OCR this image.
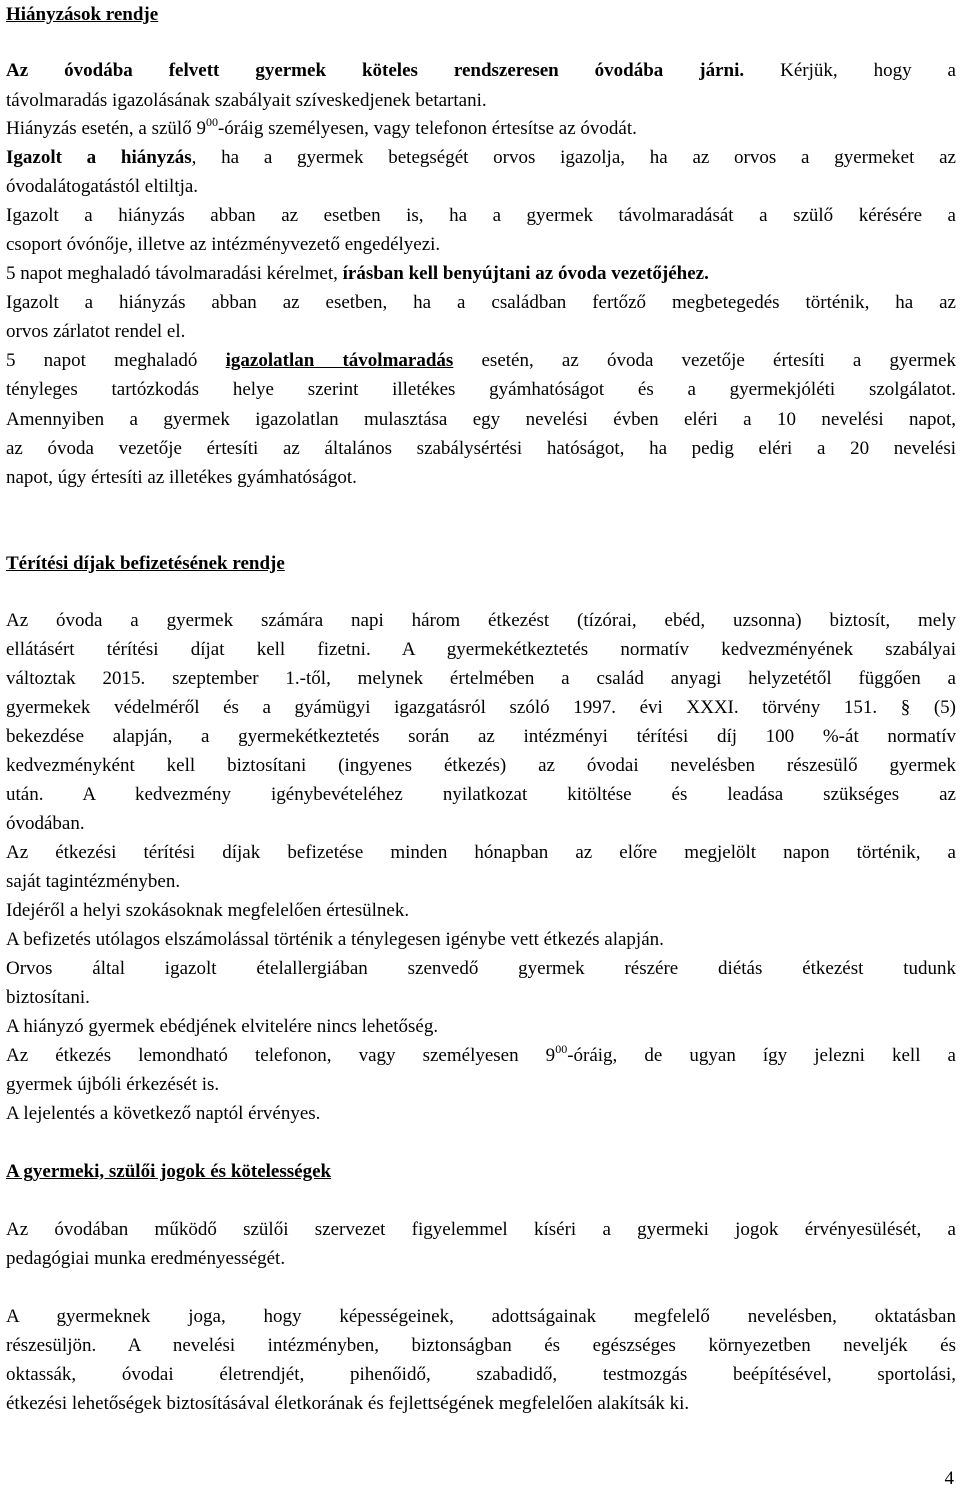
Hiányzások rendje
Az óvodába felvett gyermek köteles rendszeresen óvodába járni. Kérjük, hogy a
távolmaradás igazolásának szabályait szíveskedjenek betartani.
Hiányzás esetén, a szülő $9^{00}$-óráig személyesen, vagy telefonon értesítse az óvodát.
Igazolt a hiányzás, ha a gyermek betegségét orvos igazolja, ha az orvos a gyermeket az
óvodalátogatástól eltiltja.
Igazolt a hiányzás abban az esetben is, ha a gyermek távolmaradását a szülő kérésére a
csoport óvónője, illetve az intézményvezető engedélyezi.
5 napot meghaladó távolmaradási kérelmet, írásban kell benyújtani az óvoda vezetőjéhez.
Igazolt a hiányzás abban az esetben, ha a családban fertőző megbetegedés történik, ha az
orvos zárlatot rendel el.
5 napot meghaladó igazolatlan távolmaradás esetén, az óvoda vezetője értesíti a gyermek
tényleges tartózkodás helye szerint illetékes gyámhatóságot és a gyermekjóléti szolgálatot.
Amennyiben a gyermek igazolatlan mulasztása egy nevelési évben eléri a 10 nevelési napot,
az óvoda vezetője értesíti az általános szabálysértési hatóságot, ha pedig eléri a 20 nevelési
napot, úgy értesíti az illetékes gyámhatóságot.
Térítési díjak befizetésének rendje
Az óvoda a gyermek számára napi három étkezést (tízórai, ebéd, uzsonna) biztosít, mely
ellátásért térítési díjat kell fizetni. A gyermekétkeztetés normatív kedvezményének szabályai
változtak 2015. szeptember 1.-től, melynek értelmében a család anyagi helyzetétől függően a
gyermekek védelméről és a gyámügyi igazgatásról szóló 1997. évi XXXI. törvény 151. § (5)
bekezdése alapján, a gyermekétkeztetés során az intézményi térítési díj 100 %-át normatív
kedvezményként kell biztosítani (ingyenes étkezés) az óvodai nevelésben részesülő gyermek
után. A kedvezmény igénybevételéhez nyilatkozat kitöltése és leadása szükséges az
óvodában.
Az étkezési térítési díjak befizetése minden hónapban az előre megjelölt napon történik, a
saját tagintézményben.
Idejéről a helyi szokásoknak megfelelően értesülnek.
A befizetés utólagos elszámolással történik a ténylegesen igénybe vett étkezés alapján.
Orvos által igazolt ételallergiában szenvedő gyermek részére diétás étkezést tudunk
biztosítani.
A hiányzó gyermek ebédjének elvitelére nincs lehetőség.
Az étkezés lemondható telefonon, vagy személyesen $9^{00}$-óráig, de ugyan így jelezni kell a
gyermek újbóli érkezését is.
A lejelentés a következő naptól érvényes.
A gyermeki, szülői jogok és kötelességek
Az óvodában működő szülői szervezet figyelemmel kíséri a gyermeki jogok érvényesülését, a
pedagógiai munka eredményességét.
A gyermeknek joga, hogy képességeinek, adottságainak megfelelő nevelésben, oktatásban
részesüljön. A nevelési intézményben, biztonságban és egészséges környezetben neveljék és
oktassák, óvodai életrendjét, pihenőidő, szabadidő, testmozgás beépítésével, sportolási,
étkezési lehetőségek biztosításával életkorának és fejlettségének megfelelően alakítsák ki.
4
